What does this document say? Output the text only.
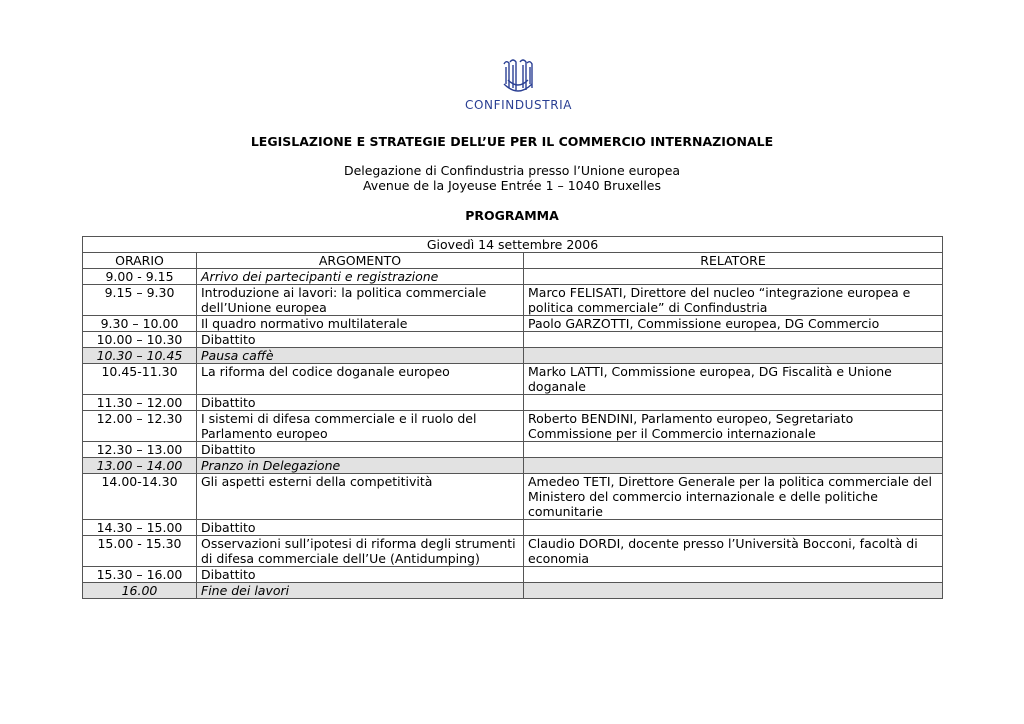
CONFINDUSTRIA
LEGISLAZIONE E STRATEGIE DELL’UE PER IL COMMERCIO INTERNAZIONALE
Delegazione di Confindustria presso l’Unione europea
Avenue de la Joyeuse Entrée 1 – 1040 Bruxelles
PROGRAMMA
Giovedì 14 settembre 2006		
ORARIO	ARGOMENTO	RELATORE
9.00 - 9.15	Arrivo dei partecipanti e registrazione	
9.15 – 9.30	Introduzione ai lavori: la politica commerciale dell’Unione europea	Marco FELISATI, Direttore del nucleo “integrazione europea e politica commerciale” di Confindustria
9.30 – 10.00	Il quadro normativo multilaterale	Paolo GARZOTTI, Commissione europea, DG Commercio
10.00 – 10.30	Dibattito	
10.30 – 10.45	Pausa caffè	
10.45-11.30	La riforma del codice doganale europeo	Marko LATTI, Commissione europea, DG Fiscalità e Unione doganale
11.30 – 12.00	Dibattito	
12.00 – 12.30	I sistemi di difesa commerciale e il ruolo del Parlamento europeo	Roberto BENDINI, Parlamento europeo, Segretariato Commissione per il Commercio internazionale
12.30 – 13.00	Dibattito	
13.00 – 14.00	Pranzo in Delegazione	
14.00-14.30	Gli aspetti esterni della competitività	Amedeo TETI, Direttore Generale per la politica commerciale del Ministero del commercio internazionale e delle politiche comunitarie
14.30 – 15.00	Dibattito	
15.00 - 15.30	Osservazioni sull’ipotesi di riforma degli strumenti di difesa commerciale dell’Ue (Antidumping)	Claudio DORDI, docente presso l’Università Bocconi, facoltà di economia
15.30 – 16.00	Dibattito	
16.00	Fine dei lavori	
